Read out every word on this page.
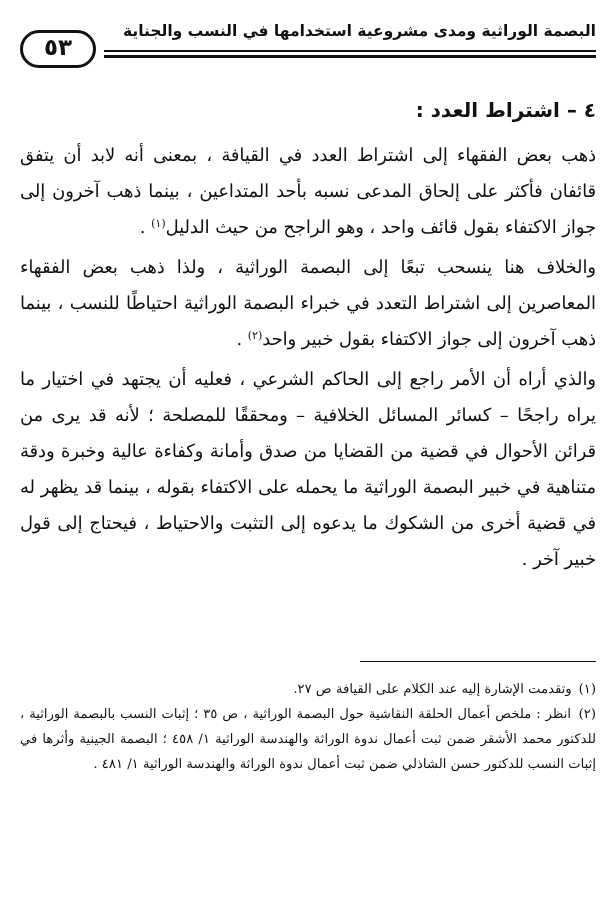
٥٣
البصمة الوراثية ومدى مشروعية استخدامها في النسب والجناية
٤ – اشتراط العدد :

ذهب بعض الفقهاء إلى اشتراط العدد في القيافة ، بمعنى أنه لابد أن يتفق قائفان فأكثر على إلحاق المدعى نسبه بأحد المتداعين ، بينما ذهب آخرون إلى جواز الاكتفاء بقول قائف واحد ، وهو الراجح من حيث الدليل$^{(١)}$ .

والخلاف هنا ينسحب تبعًا إلى البصمة الوراثية ، ولذا ذهب بعض الفقهاء المعاصرين إلى اشتراط التعدد في خبراء البصمة الوراثية احتياطًا للنسب ، بينما ذهب آخرون إلى جواز الاكتفاء بقول خبير واحد$^{(٢)}$ .

والذي أراه أن الأمر راجع إلى الحاكم الشرعي ، فعليه أن يجتهد في اختيار ما يراه راجحًا – كسائر المسائل الخلافية – ومحققًا للمصلحة ؛ لأنه قد يرى من قرائن الأحوال في قضية من القضايا من صدق وأمانة وكفاءة عالية وخبرة ودقة متناهية في خبير البصمة الوراثية ما يحمله على الاكتفاء بقوله ، بينما قد يظهر له في قضية أخرى من الشكوك ما يدعوه إلى التثبت والاحتياط ، فيحتاج إلى قول خبير آخر .

(١) وتقدمت الإشارة إليه عند الكلام على القيافة ص ٢٧.

(٢) انظر : ملخص أعمال الحلقة النقاشية حول البصمة الوراثية ، ص ٣٥ ؛ إثبات النسب بالبصمة الوراثية ، للدكتور محمد الأشقر ضمن ثبت أعمال ندوة الوراثة والهندسة الوراثية ١/ ٤٥٨ ؛ البصمة الجينية وأثرها في إثبات النسب للدكتور حسن الشاذلي ضمن ثبت أعمال ندوة الوراثة والهندسة الوراثية ١/ ٤٨١ .
